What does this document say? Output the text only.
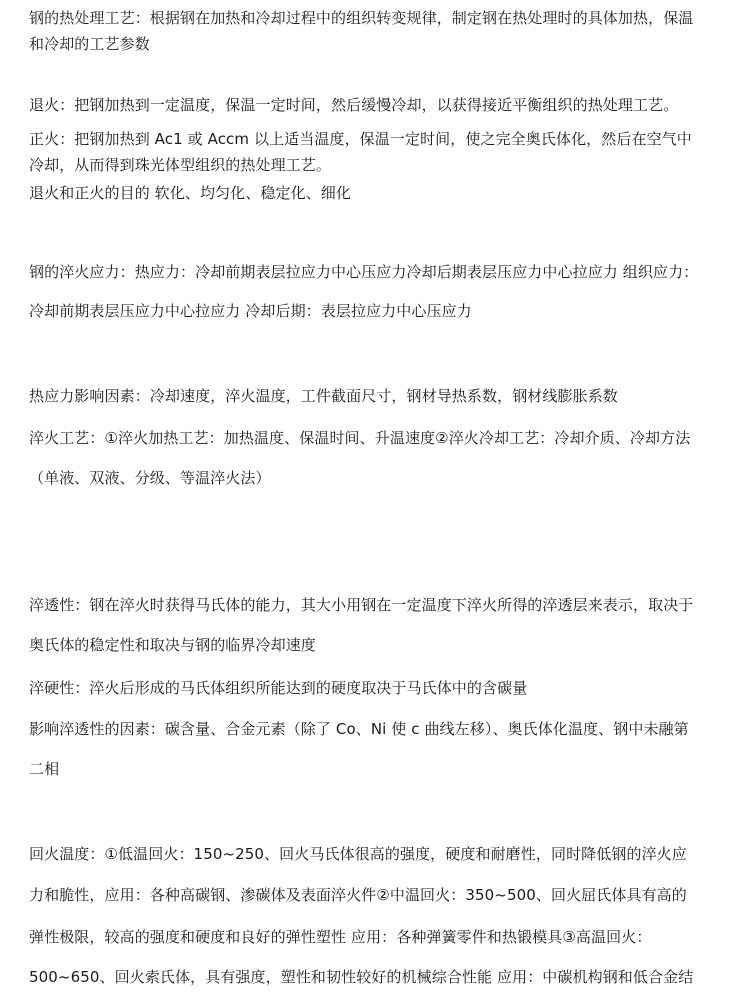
钢的热处理工艺：根据钢在加热和冷却过程中的组织转变规律，制定钢在热处理时的具体加热，保温
和冷却的工艺参数
退火：把钢加热到一定温度，保温一定时间，然后缓慢冷却，以获得接近平衡组织的热处理工艺。
正火：把钢加热到 Ac1 或 Accm 以上适当温度，保温一定时间，使之完全奥氏体化，然后在空气中
冷却，从而得到珠光体型组织的热处理工艺。
退火和正火的目的 软化、均匀化、稳定化、细化
钢的淬火应力：热应力：冷却前期表层拉应力中心压应力冷却后期表层压应力中心拉应力 组织应力：
冷却前期表层压应力中心拉应力 冷却后期：表层拉应力中心压应力
热应力影响因素：冷却速度，淬火温度，工件截面尺寸，钢材导热系数，钢材线膨胀系数
淬火工艺：①淬火加热工艺：加热温度、保温时间、升温速度②淬火冷却工艺：冷却介质、冷却方法
（单液、双液、分级、等温淬火法）
淬透性：钢在淬火时获得马氏体的能力，其大小用钢在一定温度下淬火所得的淬透层来表示，取决于
奥氏体的稳定性和取决与钢的临界冷却速度
淬硬性：淬火后形成的马氏体组织所能达到的硬度取决于马氏体中的含碳量
影响淬透性的因素：碳含量、合金元素（除了 Co、Ni 使 c 曲线左移）、奥氏体化温度、钢中未融第
二相
回火温度：①低温回火：150~250、回火马氏体很高的强度，硬度和耐磨性，同时降低钢的淬火应
力和脆性，应用：各种高碳钢、渗碳体及表面淬火件②中温回火：350~500、回火屈氏体具有高的
弹性极限，较高的强度和硬度和良好的弹性塑性 应用：各种弹簧零件和热锻模具③高温回火：
500~650、回火索氏体，具有强度，塑性和韧性较好的机械综合性能 应用：中碳机构钢和低合金结
